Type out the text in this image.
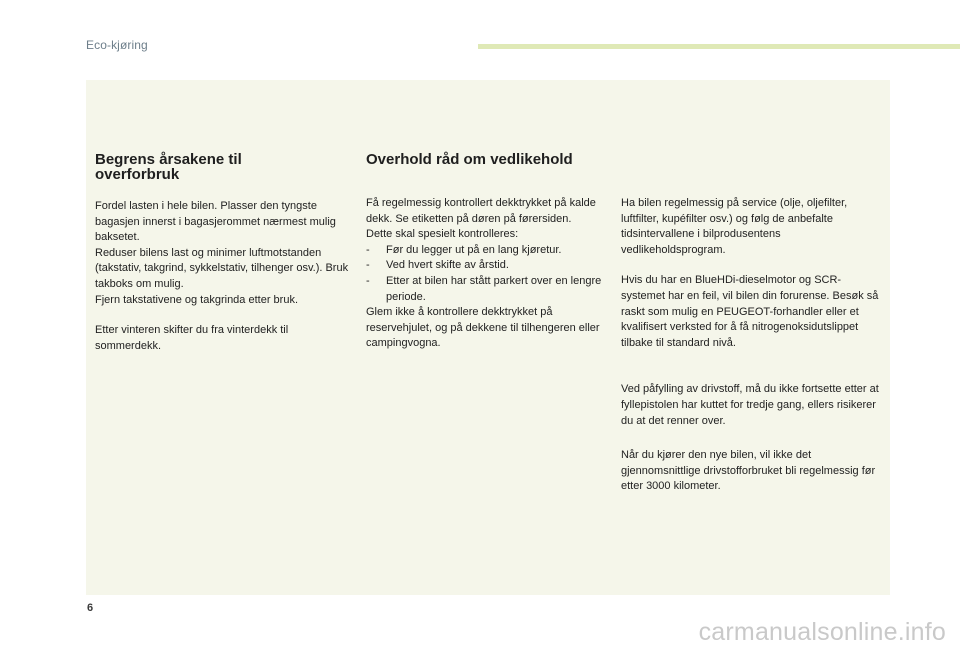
Eco-kjøring
Begrens årsakene til overforbruk

Fordel lasten i hele bilen. Plasser den tyngste bagasjen innerst i bagasjerommet nærmest mulig baksetet.
Reduser bilens last og minimer luftmotstanden (takstativ, takgrind, sykkelstativ, tilhenger osv.). Bruk takboks om mulig.
Fjern takstativene og takgrinda etter bruk.

Etter vinteren skifter du fra vinterdekk til sommerdekk.

Overhold råd om vedlikehold

Få regelmessig kontrollert dekktrykket på kalde dekk. Se etiketten på døren på førersiden.
Dette skal spesielt kontrolleres:

- Før du legger ut på en lang kjøretur.
- Ved hvert skifte av årstid.
- Etter at bilen har stått parkert over en lengre periode.

Glem ikke å kontrollere dekktrykket på reservehjulet, og på dekkene til tilhengeren eller campingvogna.

Ha bilen regelmessig på service (olje, oljefilter, luftfilter, kupéfilter osv.) og følg de anbefalte tidsintervallene i bilprodusentens vedlikeholdsprogram.

Hvis du har en BlueHDi-dieselmotor og SCR-systemet har en feil, vil bilen din forurense. Besøk så raskt som mulig en PEUGEOT-forhandler eller et kvalifisert verksted for å få nitrogenoksidutslippet tilbake til standard nivå.

Ved påfylling av drivstoff, må du ikke fortsette etter at fyllepistolen har kuttet for tredje gang, ellers risikerer du at det renner over.

Når du kjører den nye bilen, vil ikke det gjennomsnittlige drivstofforbruket bli regelmessig før etter 3000 kilometer.

6
carmanualsonline.info
